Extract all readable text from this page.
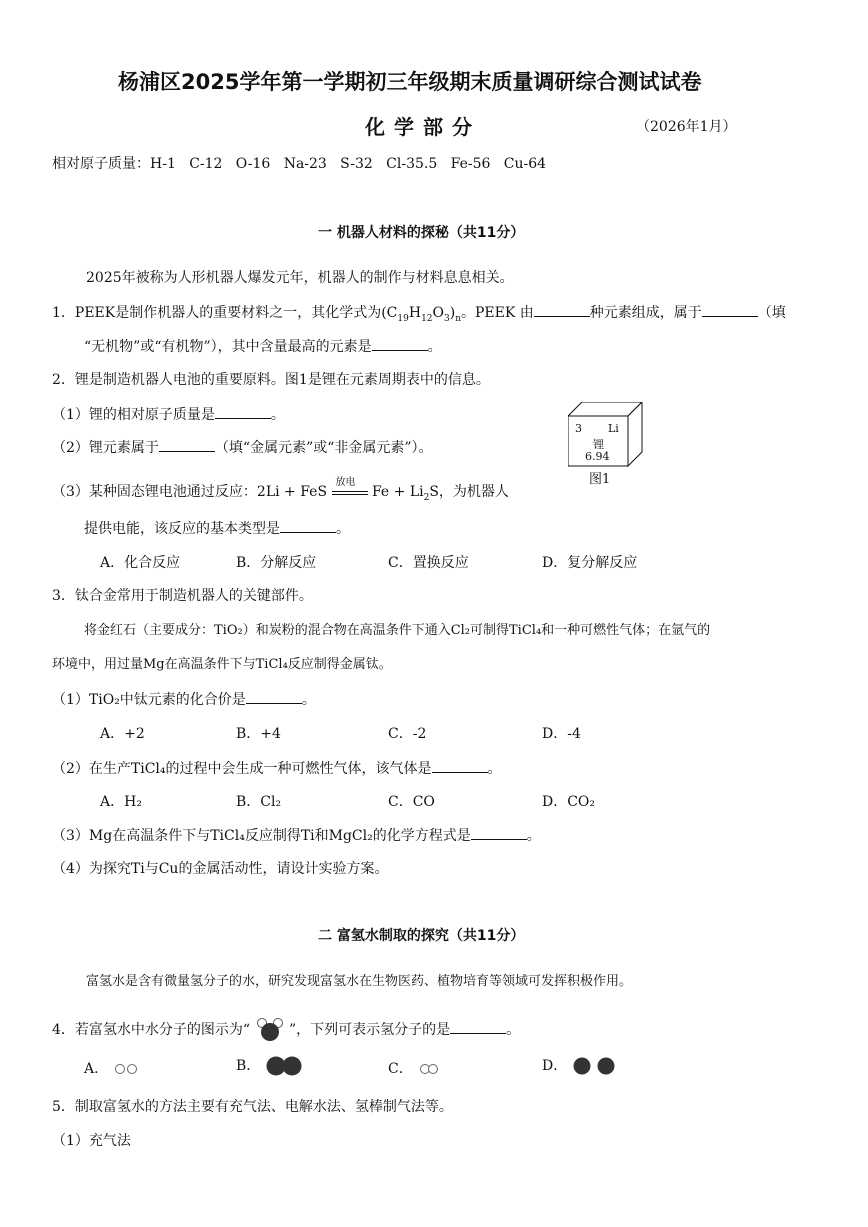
杨浦区2025学年第一学期初三年级期末质量调研综合测试试卷
化学部分	（2026年1月）
相对原子质量：H-1   C-12   O-16   Na-23   S-32   Cl-35.5   Fe-56   Cu-64
一 机器人材料的探秘（共11分）
2025年被称为人形机器人爆发元年，机器人的制作与材料息息相关。
1．PEEK是制作机器人的重要材料之一，其化学式为$(C_{19}H_{12}O_3)_n$。PEEK 由	种元素组成，属于	（填
“无机物”或“有机物”），其中含量最高的元素是	。
2．锂是制造机器人电池的重要原料。图1是锂在元素周期表中的信息。
（1）锂的相对原子质量是	。
（2）锂元素属于	（填“金属元素”或“非金属元素”）。
（3）某种固态锂电池通过反应：2Li + FeS
放电
$Fe + Li_2S$，为机器人
提供电能，该反应的基本类型是	。
A．化合反应	B．分解反应	C．置换反应	D．复分解反应
3 Li
锂
6.94
图1
3．钛合金常用于制造机器人的关键部件。
将金红石（主要成分：TiO₂）和炭粉的混合物在高温条件下通入Cl₂可制得TiCl₄和一种可燃性气体；在氩气的
环境中，用过量Mg在高温条件下与TiCl₄反应制得金属钛。
（1）TiO₂中钛元素的化合价是	。
A．+2	B．+4	C．-2	D．-4
（2）在生产TiCl₄的过程中会生成一种可燃性气体，该气体是	。
A．H₂	B．Cl₂	C．CO	D．CO₂
（3）Mg在高温条件下与TiCl₄反应制得Ti和MgCl₂的化学方程式是	。
（4）为探究Ti与Cu的金属活动性，请设计实验方案。
二 富氢水制取的探究（共11分）
富氢水是含有微量氢分子的水，研究发现富氢水在生物医药、植物培育等领域可发挥积极作用。
4．若富氢水中水分子的图示为“	”，下列可表示氢分子的是	。
A．	B．	C．	D．
5．制取富氢水的方法主要有充气法、电解水法、氢棒制气法等。
（1）充气法
